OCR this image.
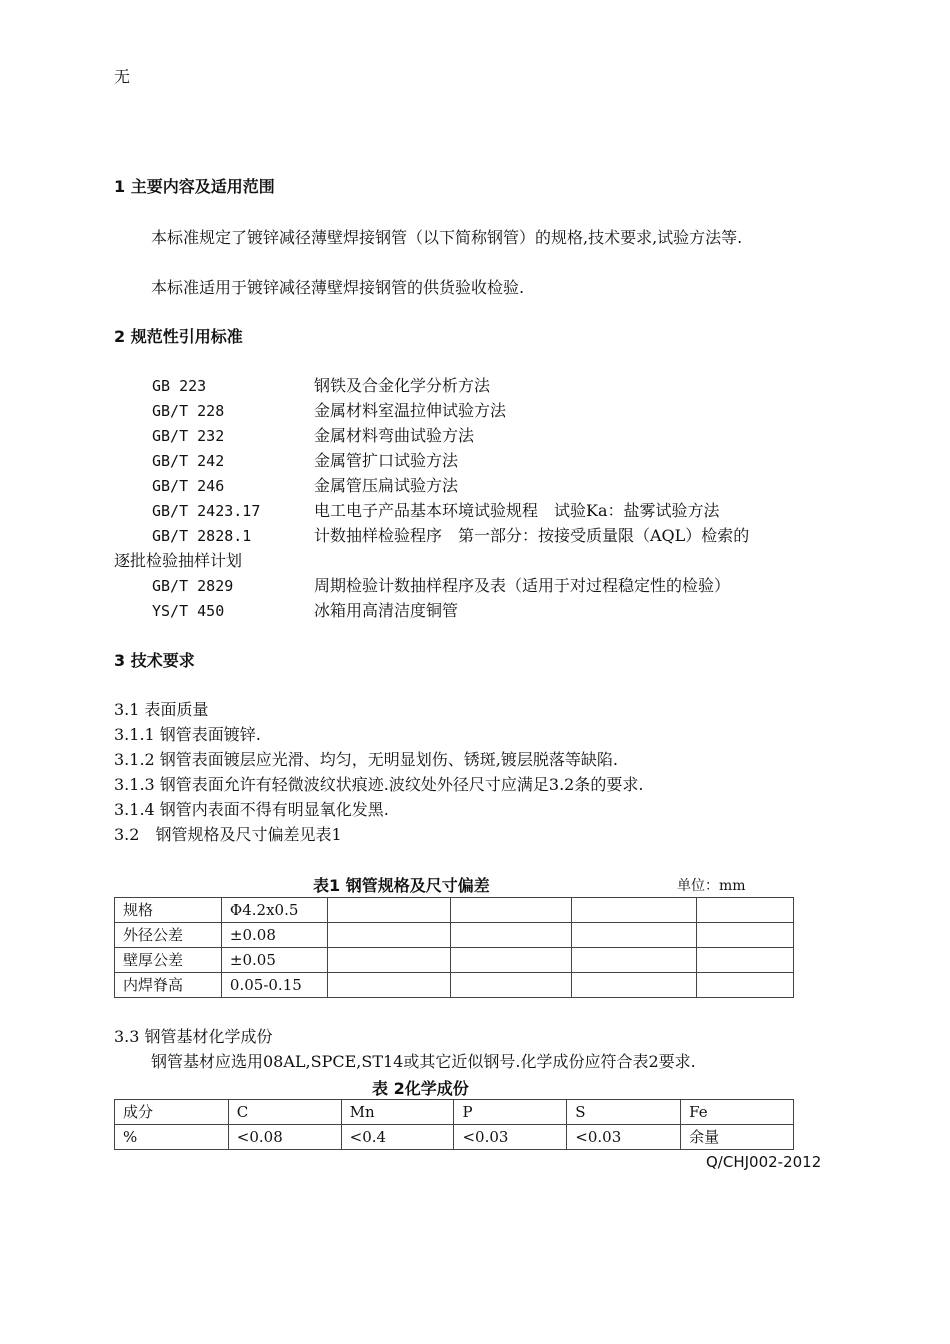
无
1 主要内容及适用范围
本标准规定了镀锌减径薄壁焊接钢管（以下简称钢管）的规格,技术要求,试验方法等.
本标准适用于镀锌减径薄壁焊接钢管的供货验收检验.
2 规范性引用标准
GB 223	钢铁及合金化学分析方法
GB/T 228	金属材料室温拉伸试验方法
GB/T 232	金属材料弯曲试验方法
GB/T 242	金属管扩口试验方法
GB/T 246	金属管压扁试验方法
GB/T 2423.17	电工电子产品基本环境试验规程　试验Ka：盐雾试验方法
GB/T 2828.1	计数抽样检验程序　第一部分：按接受质量限（AQL）检索的
逐批检验抽样计划
GB/T 2829	周期检验计数抽样程序及表（适用于对过程稳定性的检验）
YS/T 450	冰箱用高清洁度铜管
3 技术要求
3.1 表面质量
3.1.1 钢管表面镀锌.
3.1.2 钢管表面镀层应光滑、均匀，无明显划伤、锈斑,镀层脱落等缺陷.
3.1.3 钢管表面允许有轻微波纹状痕迹.波纹处外径尺寸应满足3.2条的要求.
3.1.4 钢管内表面不得有明显氧化发黑.
3.2　钢管规格及尺寸偏差见表1
表1 钢管规格及尺寸偏差	单位：mm
规格	Φ4.2x0.5				
外径公差	±0.08				
壁厚公差	±0.05				
内焊脊高	0.05-0.15				
3.3 钢管基材化学成份
钢管基材应选用08AL,SPCE,ST14或其它近似钢号.化学成份应符合表2要求.
表 2化学成份
成分	C	Mn	P	S	Fe
%	<0.08	<0.4	<0.03	<0.03	余量
Q/CHJ002-2012
